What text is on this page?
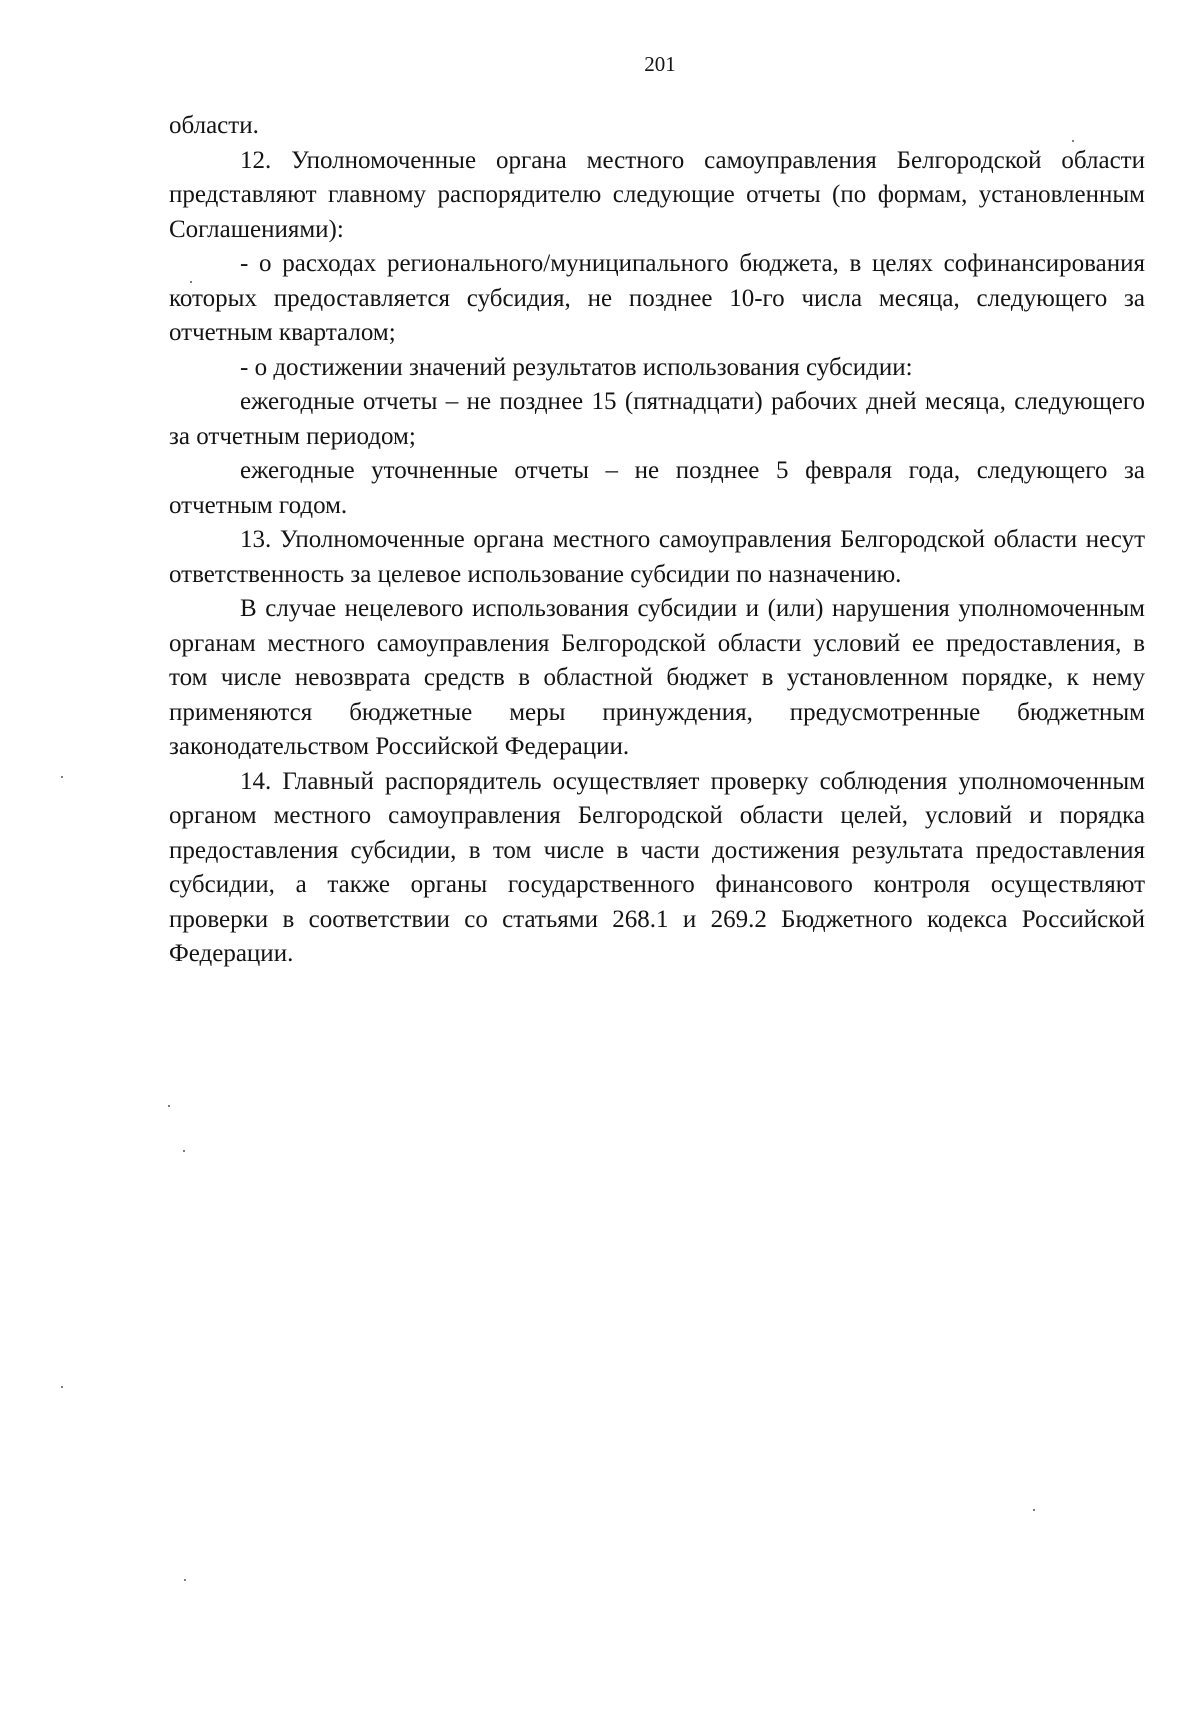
201

области.

12. Уполномоченные органа местного самоуправления Белгородской области представляют главному распорядителю следующие отчеты (по формам, установленным Соглашениями):

- о расходах регионального/муниципального бюджета, в целях софинансирования которых предоставляется субсидия, не позднее 10-го числа месяца, следующего за отчетным кварталом;

- о достижении значений результатов использования субсидии:

ежегодные отчеты – не позднее 15 (пятнадцати) рабочих дней месяца, следующего за отчетным периодом;

ежегодные уточненные отчеты – не позднее 5 февраля года, следующего за отчетным годом.

13. Уполномоченные органа местного самоуправления Белгородской области несут ответственность за целевое использование субсидии по назначению.

В случае нецелевого использования субсидии и (или) нарушения уполномоченным органам местного самоуправления Белгородской области условий ее предоставления, в том числе невозврата средств в областной бюджет в установленном порядке, к нему применяются бюджетные меры принуждения, предусмотренные бюджетным законодательством Российской Федерации.

14. Главный распорядитель осуществляет проверку соблюдения уполномоченным органом местного самоуправления Белгородской области целей, условий и порядка предоставления субсидии, в том числе в части достижения результата предоставления субсидии, а также органы государственного финансового контроля осуществляют проверки в соответствии со статьями 268.1 и 269.2 Бюджетного кодекса Российской Федерации.
